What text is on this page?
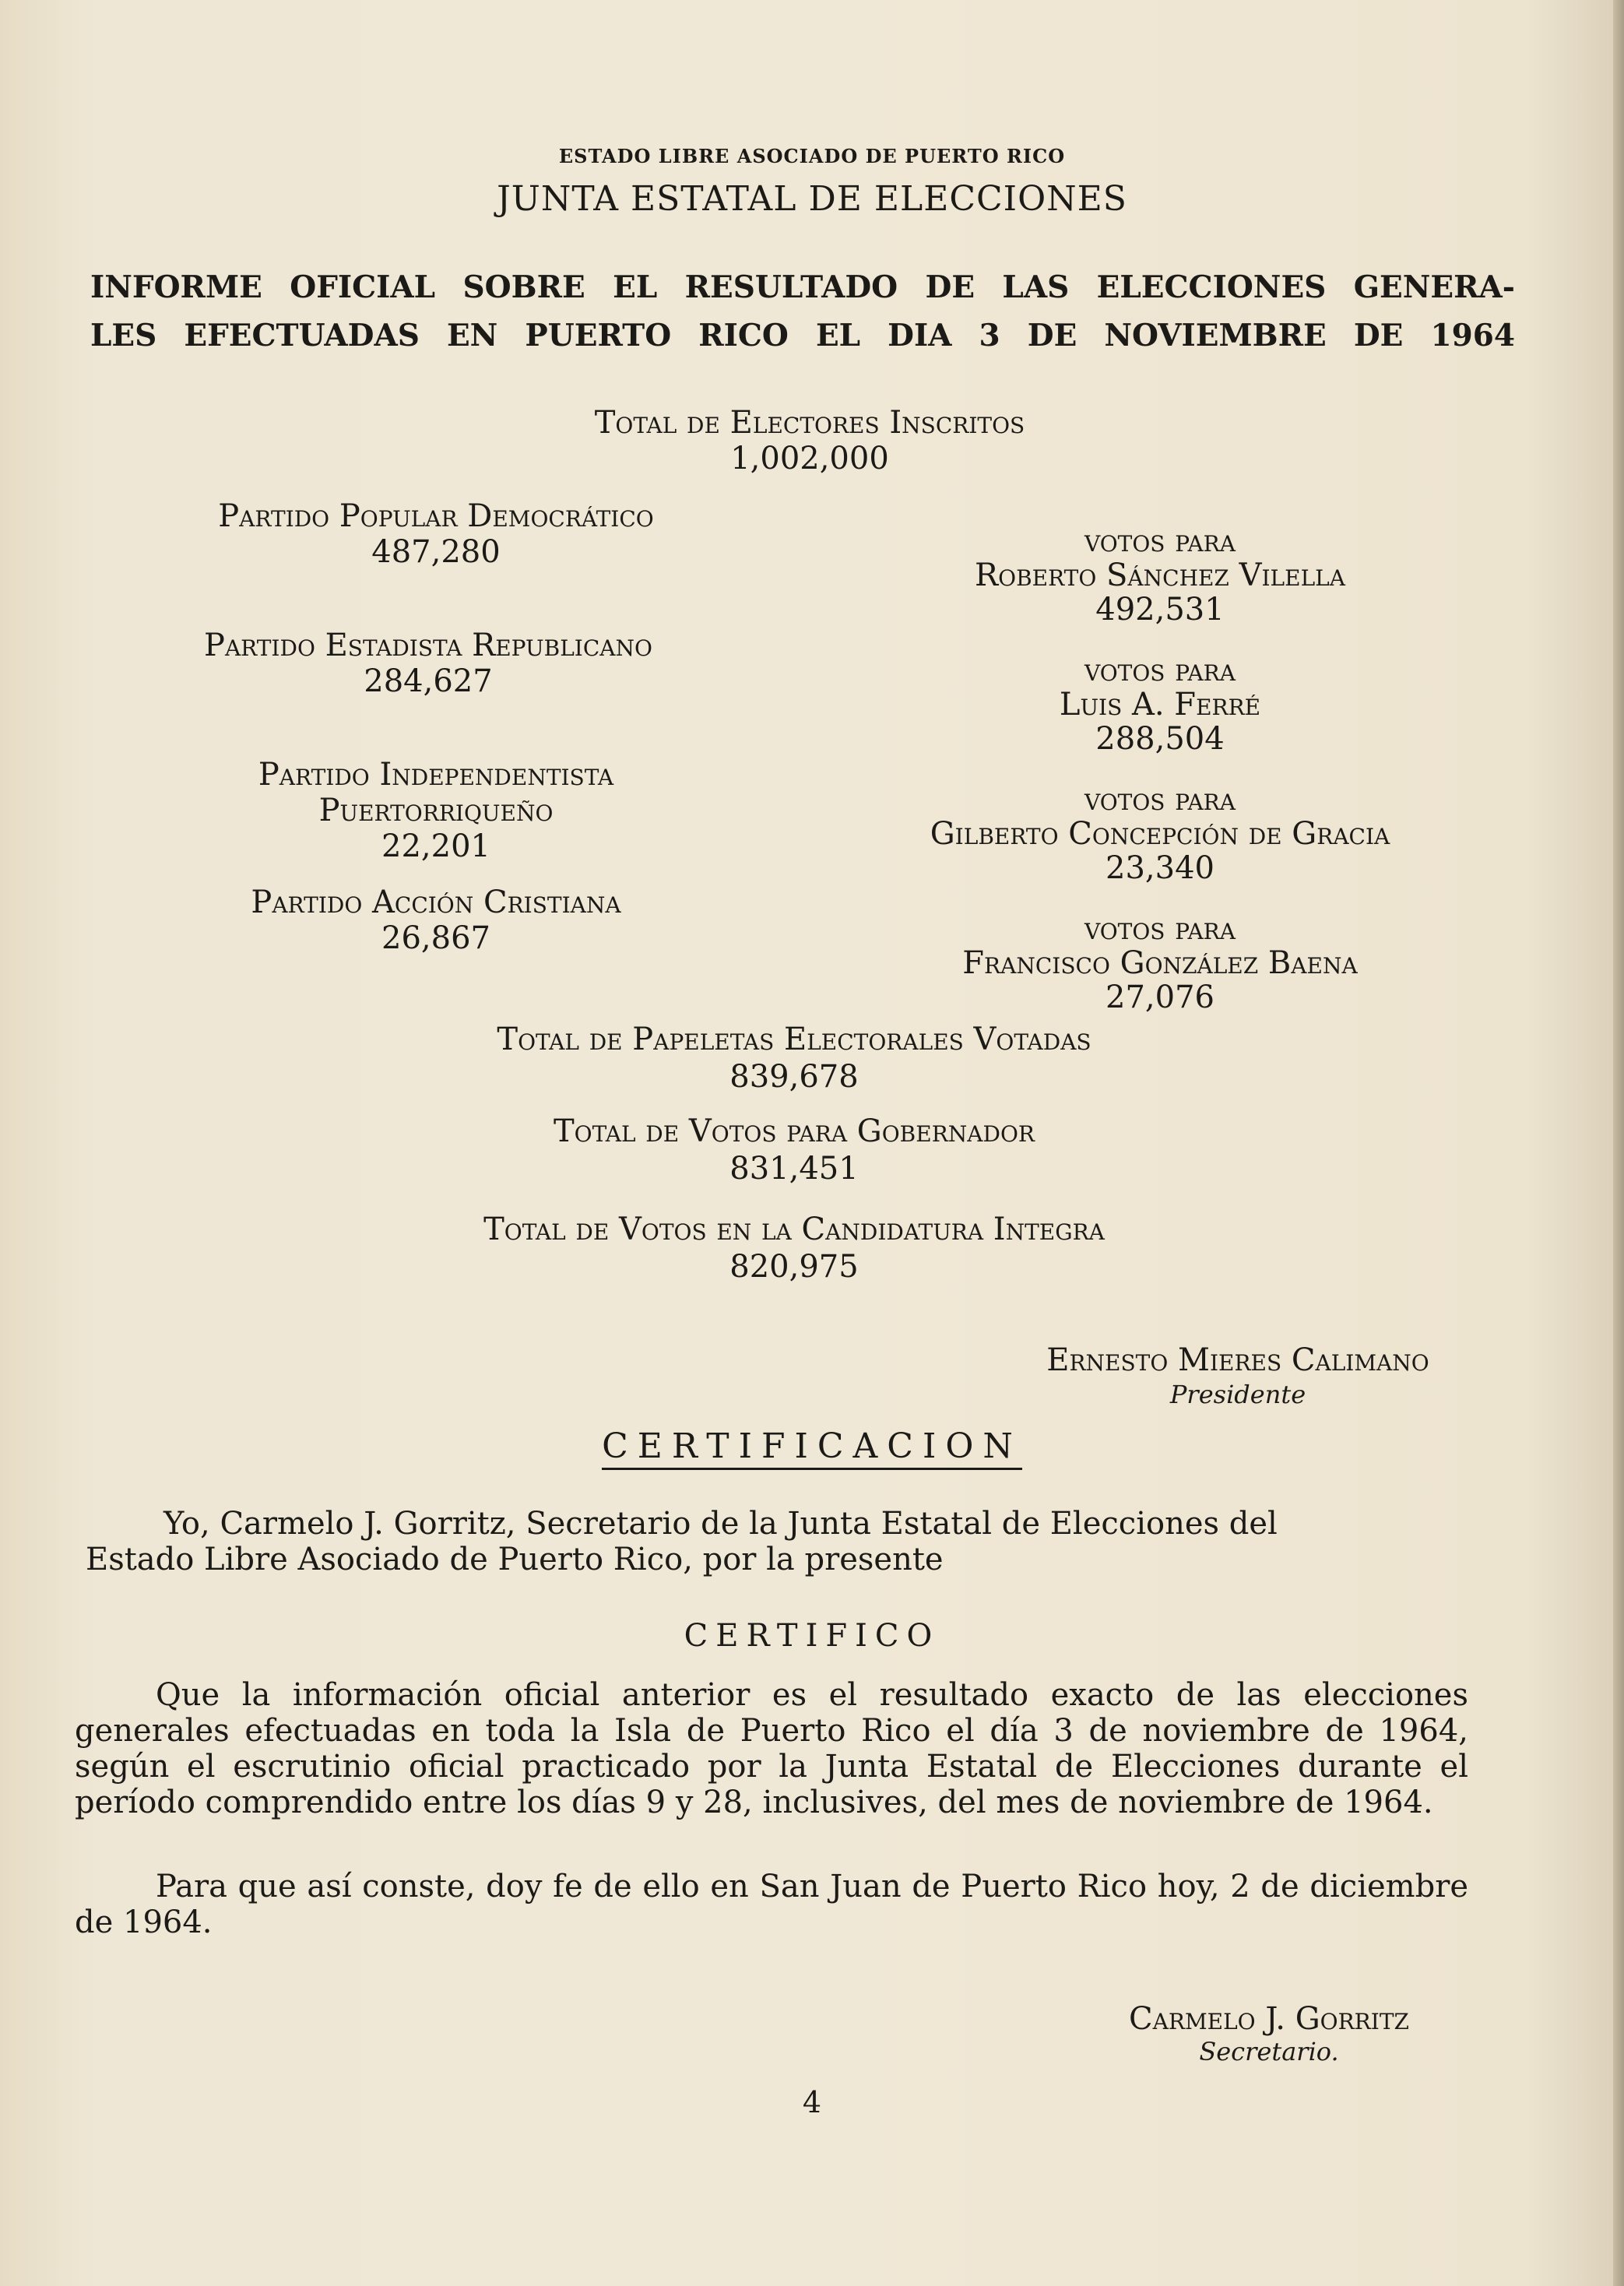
ESTADO LIBRE ASOCIADO DE PUERTO RICO
JUNTA ESTATAL DE ELECCIONES
INFORME OFICIAL SOBRE EL RESULTADO DE LAS ELECCIONES GENERA-
LES EFECTUADAS EN PUERTO RICO EL DIA 3 DE NOVIEMBRE DE 1964
Total de Electores Inscritos
1,002,000
Partido Popular Democrático
487,280
Partido Estadista Republicano
284,627
Partido Independentista
Puertorriqueño
22,201
Partido Acción Cristiana
26,867
votos para
Roberto Sánchez Vilella
492,531
votos para
Luis A. Ferré
288,504
votos para
Gilberto Concepción de Gracia
23,340
votos para
Francisco González Baena
27,076
Total de Papeletas Electorales Votadas
839,678
Total de Votos para Gobernador
831,451
Total de Votos en la Candidatura Integra
820,975
Ernesto Mieres Calimano
Presidente
CERTIFICACION
Yo, Carmelo J. Gorritz, Secretario de la Junta Estatal de Elecciones del
Estado Libre Asociado de Puerto Rico, por la presente
CERTIFICO
Que la información oficial anterior es el resultado exacto de las elecciones generales efectuadas en toda la Isla de Puerto Rico el día 3 de noviembre de 1964, según el escrutinio oficial practicado por la Junta Estatal de Elecciones durante el período comprendido entre los días 9 y 28, inclusives, del mes de noviembre de 1964.
Para que así conste, doy fe de ello en San Juan de Puerto Rico hoy, 2 de diciembre de 1964.
Carmelo J. Gorritz
Secretario.
4
